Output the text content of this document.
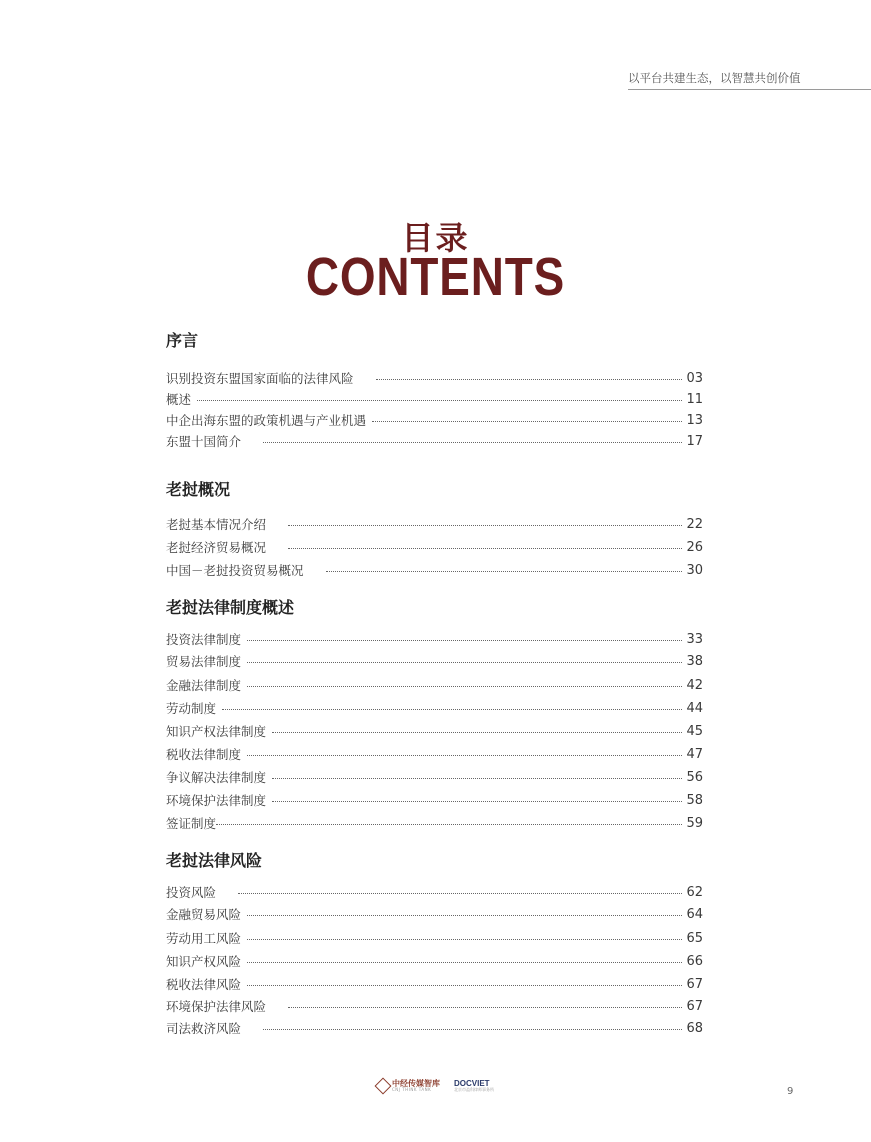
以平台共建生态，以智慧共创价值
目录
CONTENTS
序言
识别投资东盟国家面临的法律风险	03
概述	11
中企出海东盟的政策机遇与产业机遇	13
东盟十国简介	17
老挝概况
老挝基本情况介绍	22
老挝经济贸易概况	26
中国－老挝投资贸易概况	30
老挝法律制度概述
投资法律制度	33
贸易法律制度	38
金融法律制度	42
劳动制度	44
知识产权法律制度	45
税收法律制度	47
争议解决法律制度	56
环境保护法律制度	58
签证制度	59
老挝法律风险
投资风险	62
金融贸易风险	64
劳动用工风险	65
知识产权风险	66
税收法律风险	67
环境保护法律风险	67
司法救济风险	68
中经传媒智库
CNJ THINK TANK
DOCVIET
北京市盈科律师事务所	9
